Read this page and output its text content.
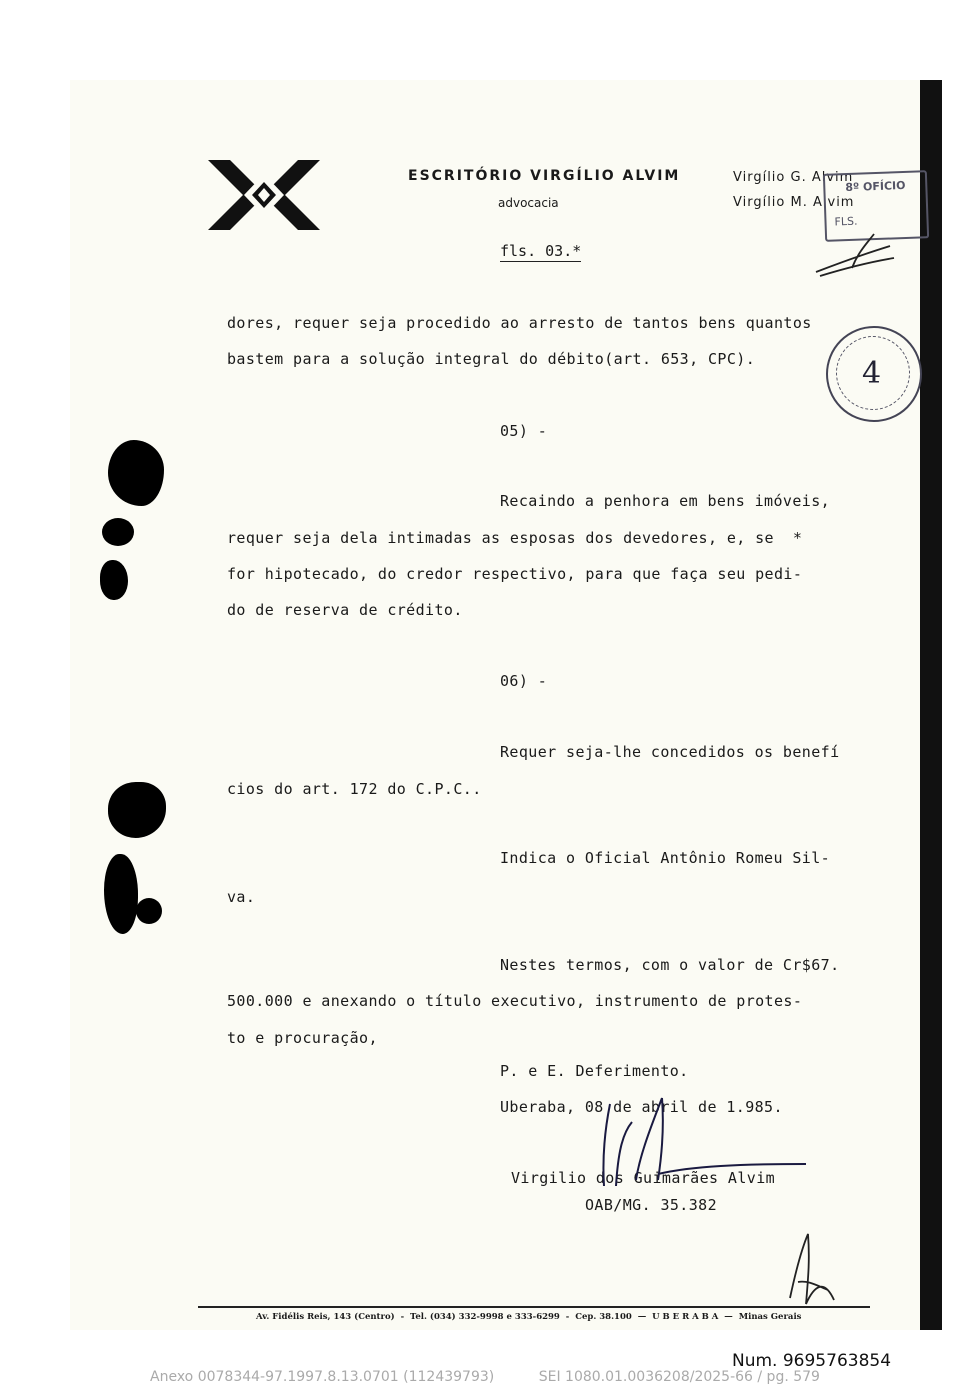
ESCRITÓRIO VIRGÍLIO ALVIM
advocacia
Virgílio G. Alvim
Virgílio M. Alvim
8º OFÍCIO
FLS.
fls. 03.*
4
dores, requer seja procedido ao arresto de tantos bens quantos
bastem para a solução integral do débito(art. 653, CPC).
05) -
Recaindo a penhora em bens imóveis,
requer seja dela intimadas as esposas dos devedores, e, se  *
for hipotecado, do credor respectivo, para que faça seu pedi-
do de reserva de crédito.
06) -
Requer seja-lhe concedidos os benefí
cios do art. 172 do C.P.C..
Indica o Oficial Antônio Romeu Sil-
va.
Nestes termos, com o valor de Cr$67.
500.000 e anexando o título executivo, instrumento de protes-
to e procuração,
P. e E. Deferimento.
Uberaba, 08 de abril de 1.985.
Virgilio dos Guimarães Alvim
OAB/MG. 35.382
Av. Fidélis Reis, 143 (Centro)  -  Tel. (034) 332-9998 e 333-6299  -  Cep. 38.100  —  U B E R A B A  —  Minas Gerais
Num. 9695763854
Anexo 0078344-97.1997.8.13.0701 (112439793)          SEI 1080.01.0036208/2025-66 / pg. 579
